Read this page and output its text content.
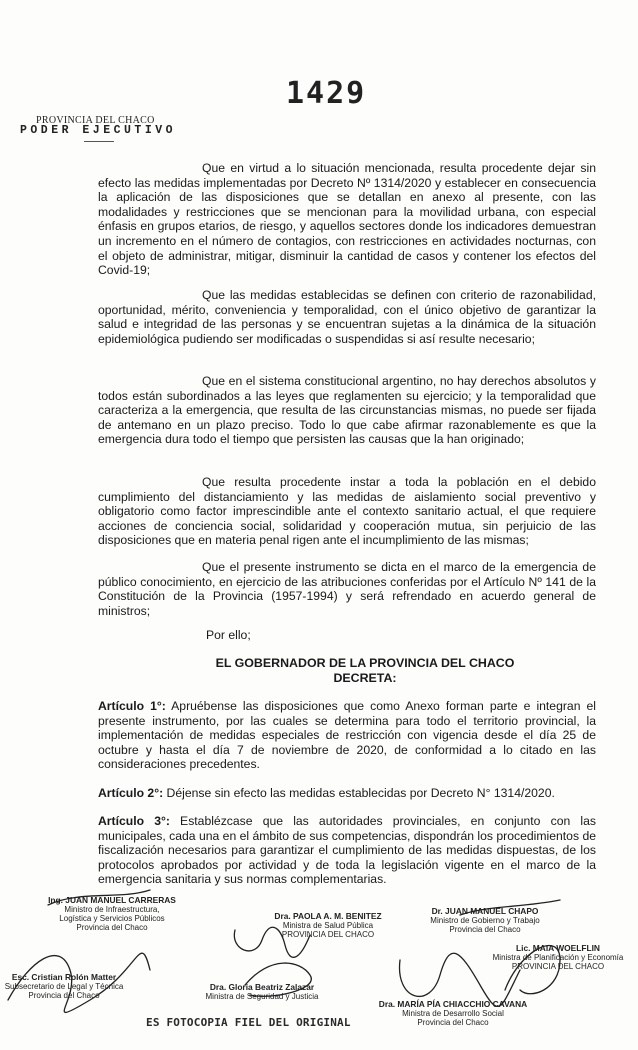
1429
PROVINCIA DEL CHACO
PODER EJECUTIVO
Que en virtud a lo situación mencionada, resulta procedente dejar sin efecto las medidas implementadas por Decreto Nº 1314/2020 y establecer en consecuencia la aplicación de las disposiciones que se detallan en anexo al presente, con las modalidades y restricciones que se mencionan para la movilidad urbana, con especial énfasis en grupos etarios, de riesgo, y aquellos sectores donde los indicadores demuestran un incremento en el número de contagios, con restricciones en actividades nocturnas, con el objeto de administrar, mitigar, disminuir la cantidad de casos y contener los efectos del Covid-19;
Que las medidas establecidas se definen con criterio de razonabilidad, oportunidad, mérito, conveniencia y temporalidad, con el único objetivo de garantizar la salud e integridad de las personas y se encuentran sujetas a la dinámica de la situación epidemiológica pudiendo ser modificadas o suspendidas si así resulte necesario;
Que en el sistema constitucional argentino, no hay derechos absolutos y todos están subordinados a las leyes que reglamenten su ejercicio; y la temporalidad que caracteriza a la emergencia, que resulta de las circunstancias mismas, no puede ser fijada de antemano en un plazo preciso. Todo lo que cabe afirmar razonablemente es que la emergencia dura todo el tiempo que persisten las causas que la han originado;
Que resulta procedente instar a toda la población en el debido cumplimiento del distanciamiento y las medidas de aislamiento social preventivo y obligatorio como factor imprescindible ante el contexto sanitario actual, el que requiere acciones de conciencia social, solidaridad y cooperación mutua, sin perjuicio de las disposiciones que en materia penal rigen ante el incumplimiento de las mismas;
Que el presente instrumento se dicta en el marco de la emergencia de público conocimiento, en ejercicio de las atribuciones conferidas por el Artículo Nº 141 de la Constitución de la Provincia (1957-1994) y será refrendado en acuerdo general de ministros;
Por ello;
EL GOBERNADOR DE LA PROVINCIA DEL CHACO
DECRETA:
Artículo 1°: Apruébense las disposiciones que como Anexo forman parte e integran el presente instrumento, por las cuales se determina para todo el territorio provincial, la implementación de medidas especiales de restricción con vigencia desde el día 25 de octubre y hasta el día 7 de noviembre de 2020, de conformidad a lo citado en las consideraciones precedentes.
Artículo 2°: Déjense sin efecto las medidas establecidas por Decreto N° 1314/2020.
Artículo 3°: Establézcase que las autoridades provinciales, en conjunto con las municipales, cada una en el ámbito de sus competencias, dispondrán los procedimientos de fiscalización necesarios para garantizar el cumplimiento de las medidas dispuestas, de los protocolos aprobados por actividad y de toda la legislación vigente en el marco de la emergencia sanitaria y sus normas complementarias.
Ing. JUAN MANUEL CARRERAS
Ministro de Infraestructura,
Logística y Servicios Públicos
Provincia del Chaco
Dra. PAOLA A. M. BENITEZ
Ministra de Salud Pública
PROVINCIA DEL CHACO
Dr. JUAN MANUEL CHAPO
Ministro de Gobierno y Trabajo
Provincia del Chaco
Lic. MAIA WOELFLIN
Ministra de Planificación y Economía
PROVINCIA DEL CHACO
Dra. Gloria Beatriz Zalazar
Ministra de Seguridad y Justicia
Esc. Cristian Rolón Matter
Subsecretario de Legal y Técnica
Provincia del Chaco
Dra. MARÍA PÍA CHIACCHIO CAVANA
Ministra de Desarrollo Social
Provincia del Chaco
ES FOTOCOPIA FIEL DEL ORIGINAL
